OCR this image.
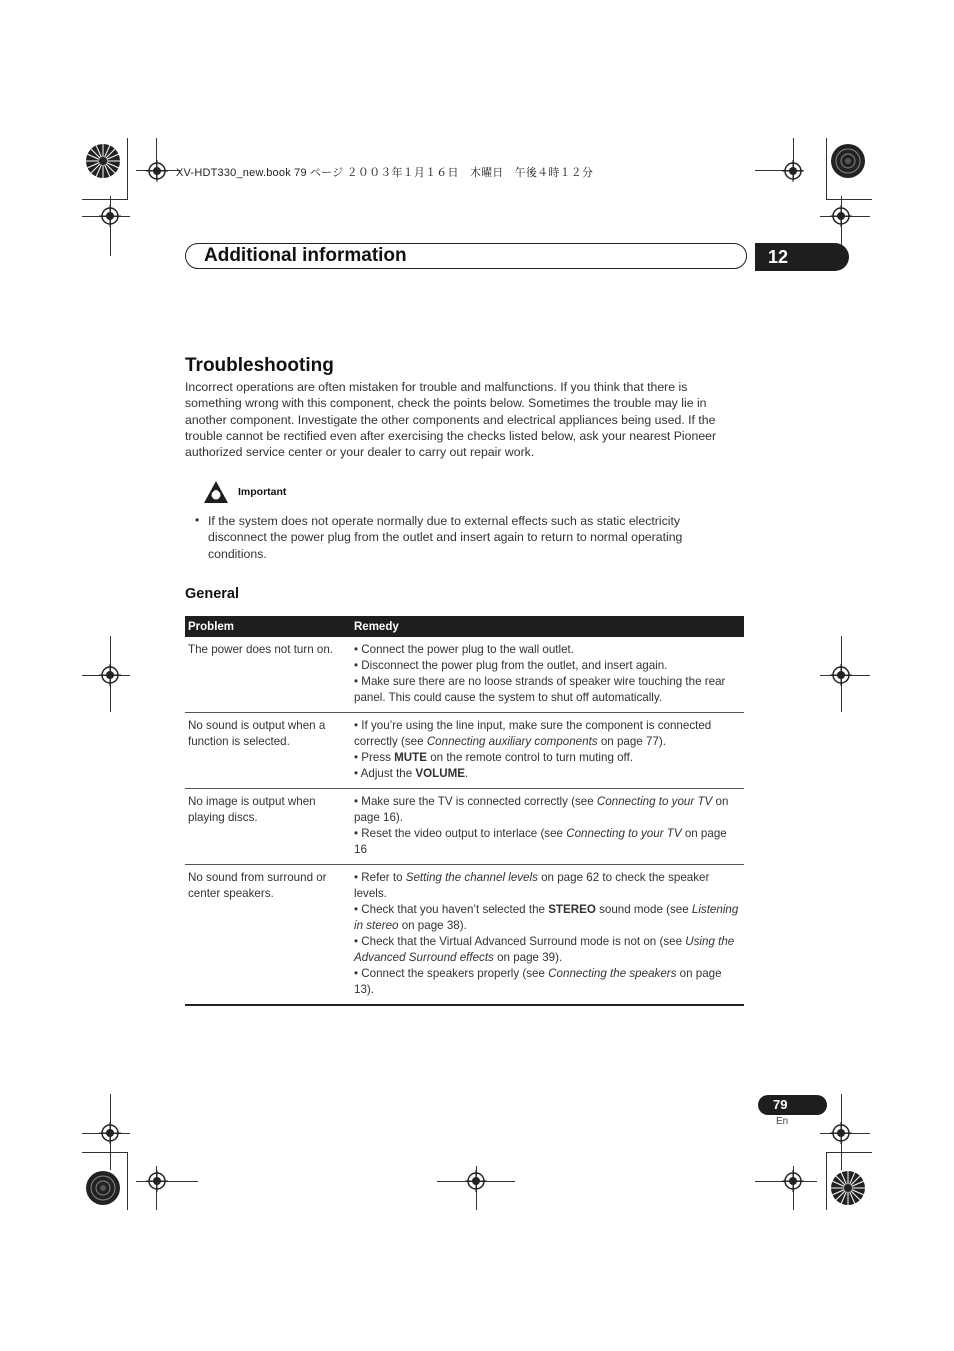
XV-HDT330_new.book 79 ページ ２００３年１月１６日　木曜日　午後４時１２分
Additional information	12
Troubleshooting
Incorrect operations are often mistaken for trouble and malfunctions. If you think that there is something wrong with this component, check the points below. Sometimes the trouble may lie in another component. Investigate the other components and electrical appliances being used. If the trouble cannot be rectified even after exercising the checks listed below, ask your nearest Pioneer authorized service center or your dealer to carry out repair work.
Important
• If the system does not operate normally due to external effects such as static electricity disconnect the power plug from the outlet and insert again to return to normal operating conditions.
General
Problem	Remedy
The power does not turn on.	• Connect the power plug to the wall outlet.
• Disconnect the power plug from the outlet, and insert again.
• Make sure there are no loose strands of speaker wire touching the rear panel. This could cause the system to shut off automatically.

No sound is output when a function is selected.	• If you’re using the line input, make sure the component is connected correctly (see Connecting auxiliary components on page 77).
• Press MUTE on the remote control to turn muting off.
• Adjust the VOLUME.

No image is output when playing discs.	• Make sure the TV is connected correctly (see Connecting to your TV on page 16).
• Reset the video output to interlace (see Connecting to your TV on page 16

No sound from surround or center speakers.	• Refer to Setting the channel levels on page 62 to check the speaker levels.
• Check that you haven’t selected the STEREO sound mode (see Listening in stereo on page 38).
• Check that the Virtual Advanced Surround mode is not on (see Using the Advanced Surround effects on page 39).
• Connect the speakers properly (see Connecting the speakers on page 13).
79
En
